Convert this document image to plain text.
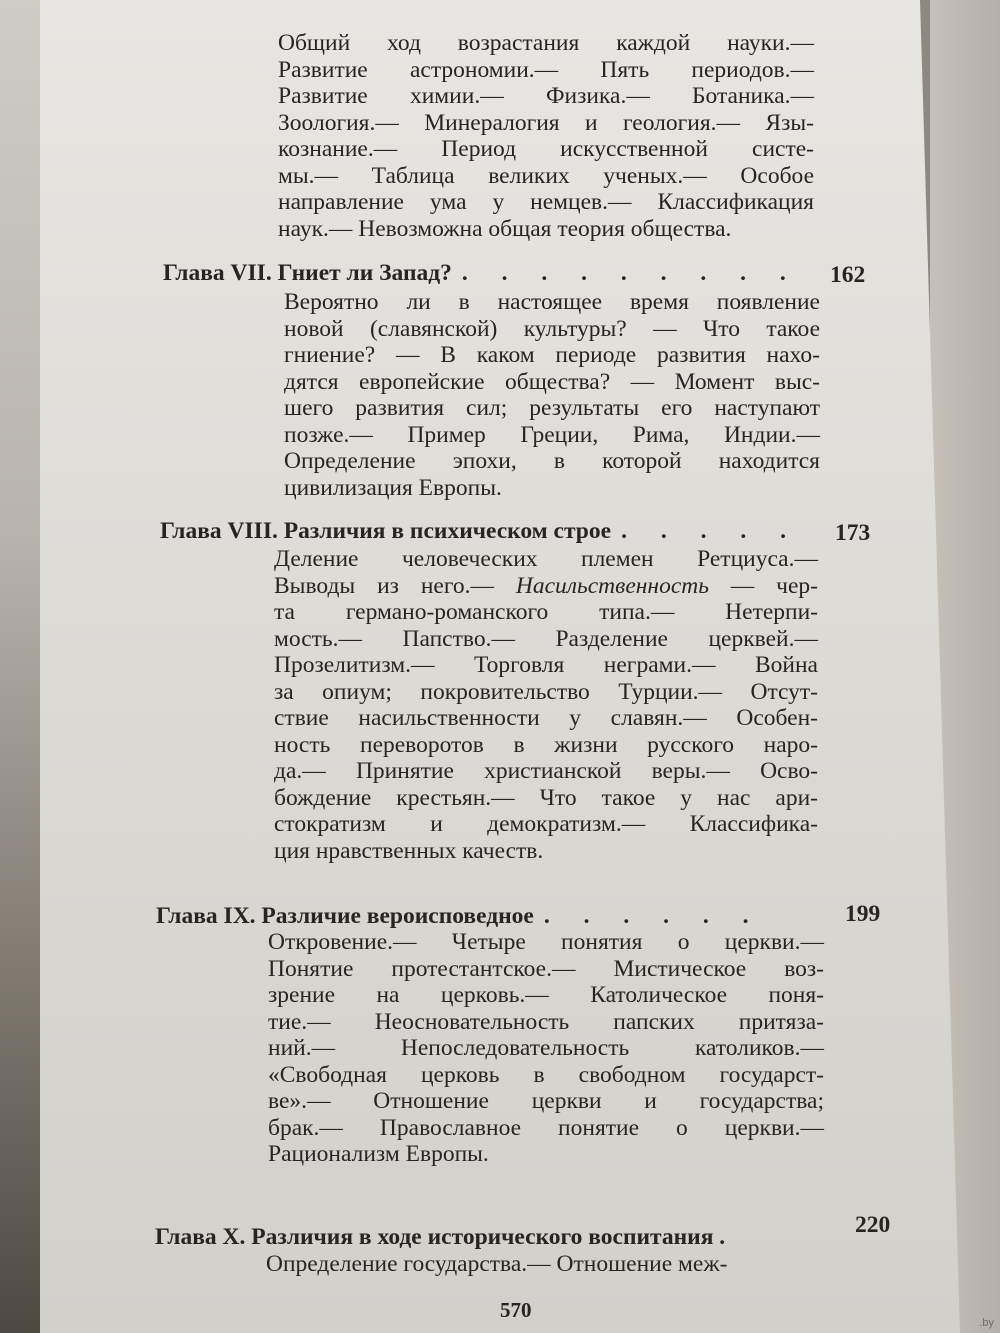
Общий ход возрастания каждой науки.—
Развитие астрономии.— Пять периодов.—
Развитие химии.— Физика.— Ботаника.—
Зоология.— Минералогия и геология.— Язы-
кознание.— Период искусственной систе-
мы.— Таблица великих ученых.— Особое
направление ума у немцев.— Классификация
наук.— Невозможна общая теория общества.
Глава VII. Гниет ли Запад? . . . . . . . . . 162
Вероятно ли в настоящее время появление
новой (славянской) культуры? — Что такое
гниение? — В каком периоде развития нахо-
дятся европейские общества? — Момент выс-
шего развития сил; результаты его наступают
позже.— Пример Греции, Рима, Индии.—
Определение эпохи, в которой находится
цивилизация Европы.
Глава VIII. Различия в психическом строе . . . . . 173
Деление человеческих племен Ретциуса.—
Выводы из него.— Насильственность — чер-
та германо-романского типа.— Нетерпи-
мость.— Папство.— Разделение церквей.—
Прозелитизм.— Торговля неграми.— Война
за опиум; покровительство Турции.— Отсут-
ствие насильственности у славян.— Особен-
ность переворотов в жизни русского наро-
да.— Принятие христианской веры.— Осво-
бождение крестьян.— Что такое у нас ари-
стократизм и демократизм.— Классифика-
ция нравственных качеств.
Глава IX. Различие вероисповедное . . . . . .	199
Откровение.— Четыре понятия о церкви.—
Понятие протестантское.— Мистическое воз-
зрение на церковь.— Католическое поня-
тие.— Неосновательность папских притяза-
ний.— Непоследовательность католиков.—
«Свободная церковь в свободном государст-
ве».— Отношение церкви и государства;
брак.— Православное понятие о церкви.—
Рационализм Европы.
Глава X. Различия в ходе исторического воспитания .	220
Определение государства.— Отношение меж-
570
.by
